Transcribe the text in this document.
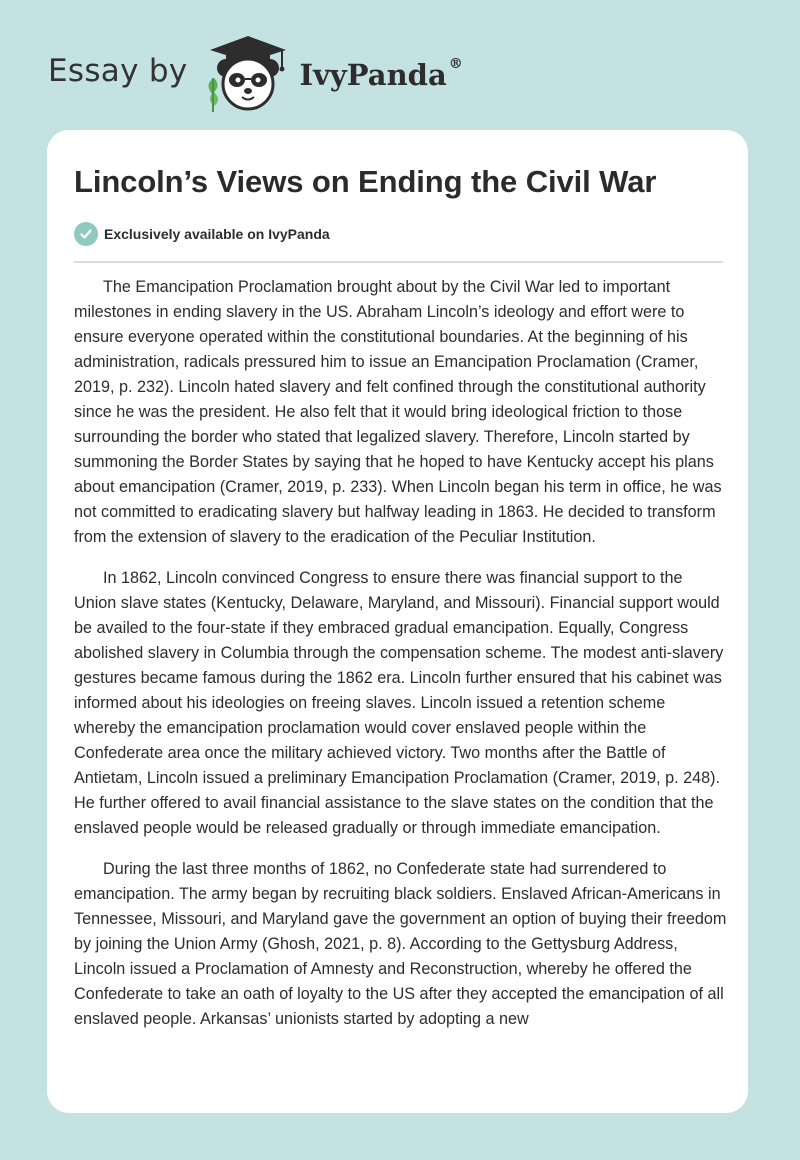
Essay by	IvyPanda ®
Lincoln’s Views on Ending the Civil War
Exclusively available on IvyPanda

The Emancipation Proclamation brought about by the Civil War led to important milestones in ending slavery in the US. Abraham Lincoln’s ideology and effort were to ensure everyone operated within the constitutional boundaries. At the beginning of his administration, radicals pressured him to issue an Emancipation Proclamation (Cramer, 2019, p. 232). Lincoln hated slavery and felt confined through the constitutional authority since he was the president. He also felt that it would bring ideological friction to those surrounding the border who stated that legalized slavery. Therefore, Lincoln started by summoning the Border States by saying that he hoped to have Kentucky accept his plans about emancipation (Cramer, 2019, p. 233). When Lincoln began his term in office, he was not committed to eradicating slavery but halfway leading in 1863. He decided to transform from the extension of slavery to the eradication of the Peculiar Institution.

In 1862, Lincoln convinced Congress to ensure there was financial support to the Union slave states (Kentucky, Delaware, Maryland, and Missouri). Financial support would be availed to the four-state if they embraced gradual emancipation. Equally, Congress abolished slavery in Columbia through the compensation scheme. The modest anti-slavery gestures became famous during the 1862 era. Lincoln further ensured that his cabinet was informed about his ideologies on freeing slaves. Lincoln issued a retention scheme whereby the emancipation proclamation would cover enslaved people within the Confederate area once the military achieved victory. Two months after the Battle of Antietam, Lincoln issued a preliminary Emancipation Proclamation (Cramer, 2019, p. 248). He further offered to avail financial assistance to the slave states on the condition that the enslaved people would be released gradually or through immediate emancipation.

During the last three months of 1862, no Confederate state had surrendered to emancipation. The army began by recruiting black soldiers. Enslaved African-Americans in Tennessee, Missouri, and Maryland gave the government an option of buying their freedom by joining the Union Army (Ghosh, 2021, p. 8). According to the Gettysburg Address, Lincoln issued a Proclamation of Amnesty and Reconstruction, whereby he offered the Confederate to take an oath of loyalty to the US after they accepted the emancipation of all enslaved people. Arkansas’ unionists started by adopting a new
